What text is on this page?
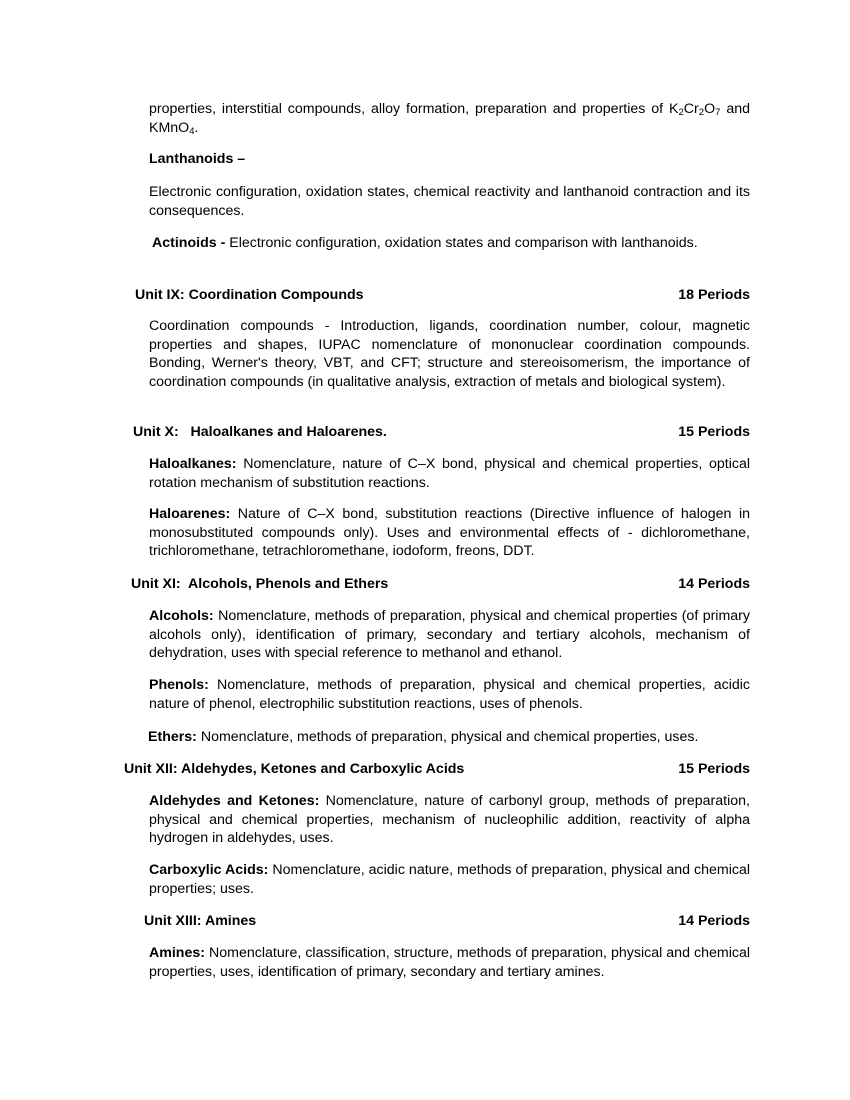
properties, interstitial compounds, alloy formation, preparation and properties of $K_2Cr_2O_7$ and KMnO$_4$.
Lanthanoids –
Electronic configuration, oxidation states, chemical reactivity and lanthanoid contraction and its consequences.
Actinoids - Electronic configuration, oxidation states and comparison with lanthanoids.
Unit IX: Coordination Compounds	18 Periods
Coordination compounds - Introduction, ligands, coordination number, colour, magnetic properties and shapes, IUPAC nomenclature of mononuclear coordination compounds. Bonding, Werner's theory, VBT, and CFT; structure and stereoisomerism, the importance of coordination compounds (in qualitative analysis, extraction of metals and biological system).
Unit X:   Haloalkanes and Haloarenes.	15 Periods
Haloalkanes: Nomenclature, nature of C–X bond, physical and chemical properties, optical rotation mechanism of substitution reactions.
Haloarenes: Nature of C–X bond, substitution reactions (Directive influence of halogen in monosubstituted compounds only). Uses and environmental effects of - dichloromethane, trichloromethane, tetrachloromethane, iodoform, freons, DDT.
Unit XI:  Alcohols, Phenols and Ethers	14 Periods
Alcohols: Nomenclature, methods of preparation, physical and chemical properties (of primary alcohols only), identification of primary, secondary and tertiary alcohols, mechanism of dehydration, uses with special reference to methanol and ethanol.
Phenols: Nomenclature, methods of preparation, physical and chemical properties, acidic nature of phenol, electrophilic substitution reactions, uses of phenols.
Ethers: Nomenclature, methods of preparation, physical and chemical properties, uses.
Unit XII: Aldehydes, Ketones and Carboxylic Acids	15 Periods
Aldehydes and Ketones: Nomenclature, nature of carbonyl group, methods of preparation, physical and chemical properties, mechanism of nucleophilic addition, reactivity of alpha hydrogen in aldehydes, uses.
Carboxylic Acids: Nomenclature, acidic nature, methods of preparation, physical and chemical properties; uses.
Unit XIII: Amines	14 Periods
Amines: Nomenclature, classification, structure, methods of preparation, physical and chemical properties, uses, identification of primary, secondary and tertiary amines.
